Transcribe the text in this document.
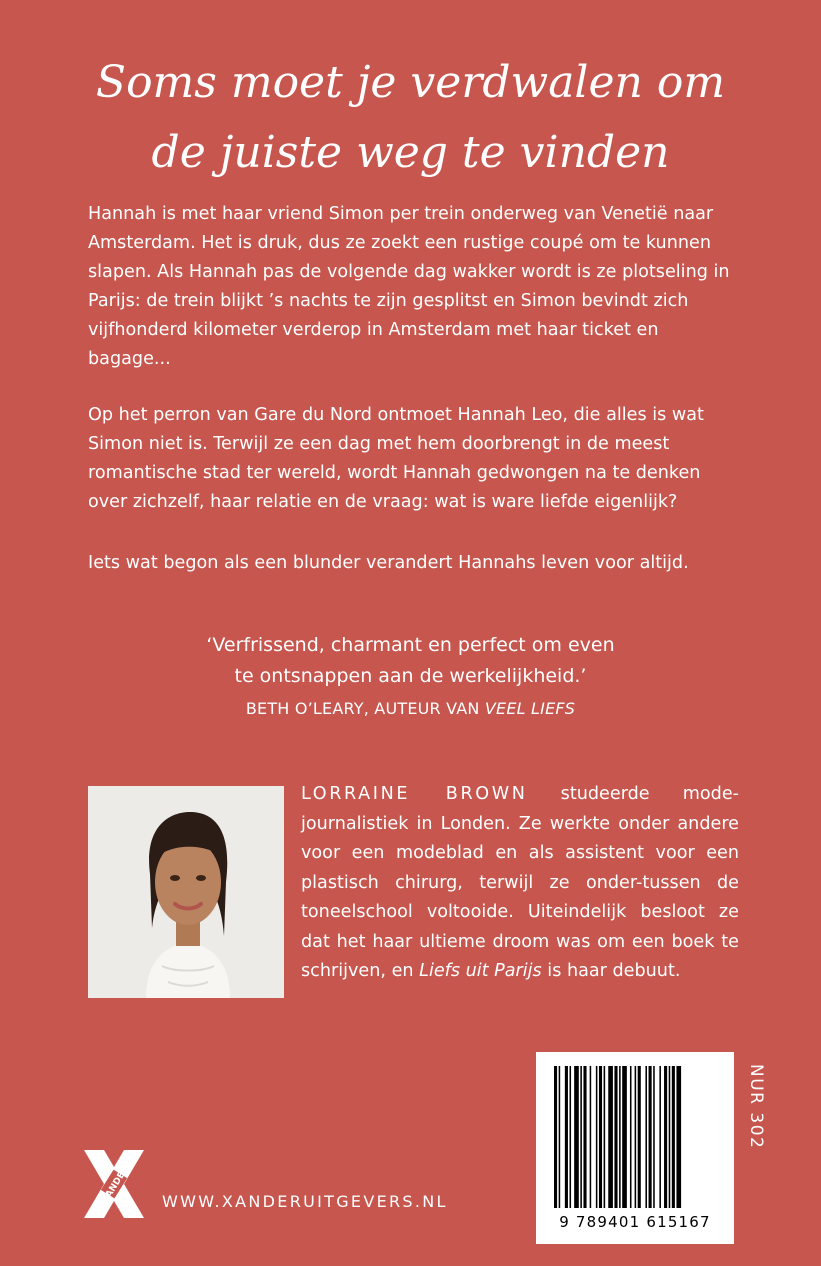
Soms moet je verdwalen om
de juiste weg te vinden

Hannah is met haar vriend Simon per trein onderweg van Venetië naar Amsterdam. Het is druk, dus ze zoekt een rustige coupé om te kunnen slapen. Als Hannah pas de volgende dag wakker wordt is ze plotseling in Parijs: de trein blijkt ’s nachts te zijn gesplitst en Simon bevindt zich vijfhonderd kilometer verderop in Amsterdam met haar ticket en bagage...

Op het perron van Gare du Nord ontmoet Hannah Leo, die alles is wat Simon niet is. Terwijl ze een dag met hem doorbrengt in de meest romantische stad ter wereld, wordt Hannah gedwongen na te denken over zichzelf, haar relatie en de vraag: wat is ware liefde eigenlijk?

Iets wat begon als een blunder verandert Hannahs leven voor altijd.

‘Verfrissend, charmant en perfect om even
te ontsnappen aan de werkelijkheid.’
BETH O’LEARY, AUTEUR VAN VEEL LIEFS
LORRAINE BROWN studeerde mode-journalistiek in Londen. Ze werkte onder andere voor een modeblad en als assistent voor een plastisch chirurg, terwijl ze onder-tussen de toneelschool voltooide. Uiteindelijk besloot ze dat het haar ultieme droom was om een boek te schrijven, en Liefs uit Parijs is haar debuut.
9 789401 615167
NUR 302
XANDER WWW.XANDERUITGEVERS.NL
